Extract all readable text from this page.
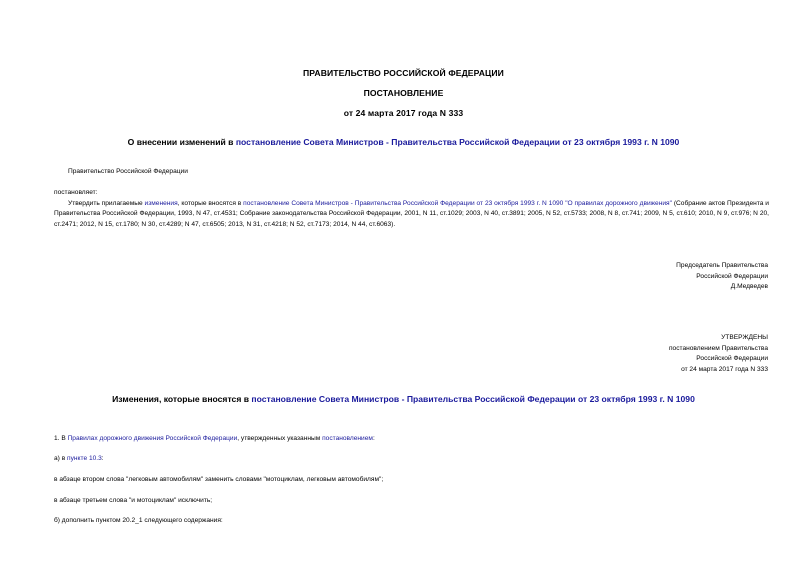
ПРАВИТЕЛЬСТВО РОССИЙСКОЙ ФЕДЕРАЦИИ
ПОСТАНОВЛЕНИЕ
от 24 марта 2017 года N 333
О внесении изменений в постановление Совета Министров - Правительства Российской Федерации от 23 октября 1993 г. N 1090
Правительство Российской Федерации
постановляет:
Утвердить прилагаемые изменения, которые вносятся в постановление Совета Министров - Правительства Российской Федерации от 23 октября 1993 г. N 1090 "О правилах дорожного движения" (Собрание актов Президента и Правительства Российской Федерации, 1993, N 47, ст.4531; Собрание законодательства Российской Федерации, 2001, N 11, ст.1029; 2003, N 40, ст.3891; 2005, N 52, ст.5733; 2008, N 8, ст.741; 2009, N 5, ст.610; 2010, N 9, ст.976; N 20, ст.2471; 2012, N 15, ст.1780; N 30, ст.4289; N 47, ст.6505; 2013, N 31, ст.4218; N 52, ст.7173; 2014, N 44, ст.6063).
Председатель Правительства
Российской Федерации
Д.Медведев
УТВЕРЖДЕНЫ
постановлением Правительства
Российской Федерации
от 24 марта 2017 года N 333
Изменения, которые вносятся в постановление Совета Министров - Правительства Российской Федерации от 23 октября 1993 г. N 1090
1. В Правилах дорожного движения Российской Федерации, утвержденных указанным постановлением:
а) в пункте 10.3:
в абзаце втором слова "легковым автомобилям" заменить словами "мотоциклам, легковым автомобилям";
в абзаце третьем слова "и мотоциклам" исключить;
б) дополнить пунктом 20.2_1 следующего содержания:
